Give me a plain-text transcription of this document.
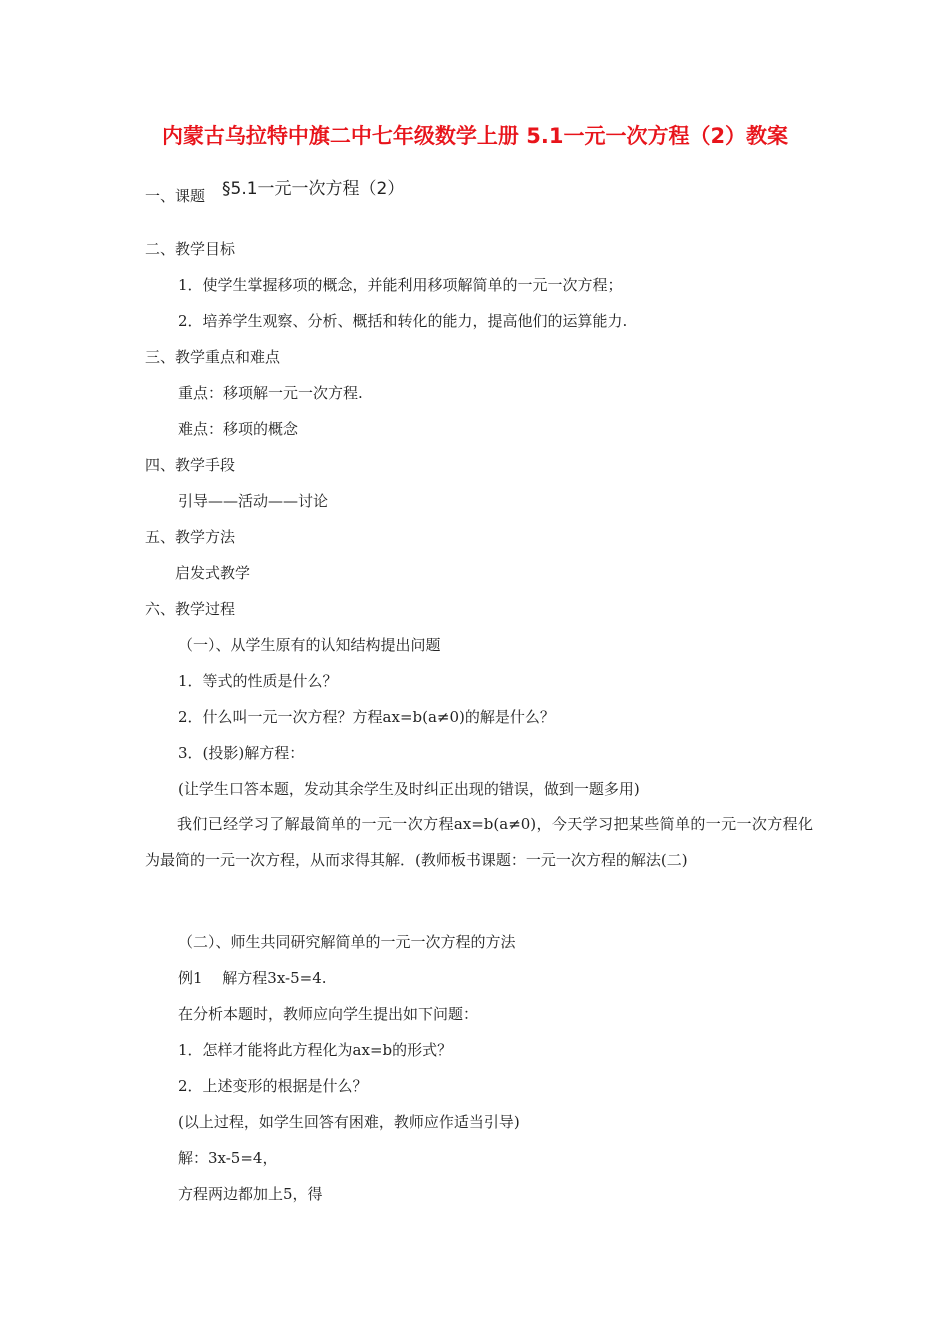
内蒙古乌拉特中旗二中七年级数学上册 5.1一元一次方程（2）教案
一、课题 §5.1一元一次方程（2）
二、教学目标
1．使学生掌握移项的概念，并能利用移项解简单的一元一次方程；
2．培养学生观察、分析、概括和转化的能力，提高他们的运算能力.
三、教学重点和难点
重点：移项解一元一次方程.
难点：移项的概念
四、教学手段
引导——活动——讨论
五、教学方法
启发式教学
六、教学过程
（一）、从学生原有的认知结构提出问题
1．等式的性质是什么？
2．什么叫一元一次方程？方程ax=b(a≠0)的解是什么？
3．(投影)解方程：
(让学生口答本题，发动其余学生及时纠正出现的错误，做到一题多用)
我们已经学习了解最简单的一元一次方程ax=b(a≠0)，今天学习把某些简单的一元一次方程化为最简的一元一次方程，从而求得其解．(教师板书课题：一元一次方程的解法(二)
（二）、师生共同研究解简单的一元一次方程的方法
例1　 解方程3x-5=4.
在分析本题时，教师应向学生提出如下问题：
1．怎样才能将此方程化为ax=b的形式？
2．上述变形的根据是什么？
(以上过程，如学生回答有困难，教师应作适当引导)
解：3x-5=4，
方程两边都加上5，得
